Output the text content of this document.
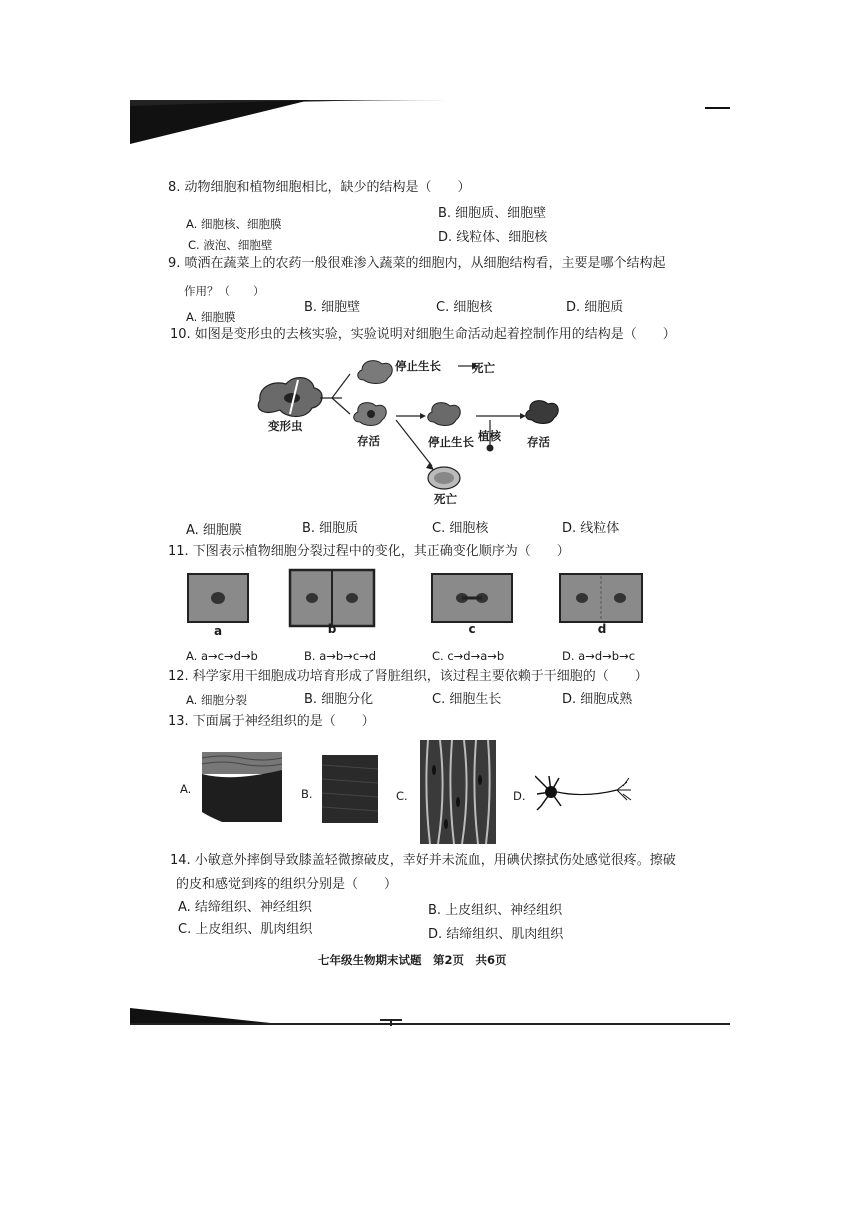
8. 动物细胞和植物细胞相比，缺少的结构是（　　）
A. 细胞核、细胞膜
B. 细胞质、细胞壁
C. 液泡、细胞壁	D. 线粒体、细胞核
9. 喷洒在蔬菜上的农药一般很难渗入蔬菜的细胞内，从细胞结构看，主要是哪个结构起
作用？（　　）
A. 细胞膜
B. 细胞壁	C. 细胞核	D. 细胞质
10. 如图是变形虫的去核实验，实验说明对细胞生命活动起着控制作用的结构是（　　）
停止生长	死亡
变形虫
存活	停止生长 植核 存活
死亡
A. 细胞膜	B. 细胞质	C. 细胞核	D. 线粒体
11. 下图表示植物细胞分裂过程中的变化，其正确变化顺序为（　　）
a	b	c	d
A. a→c→d→b	B. a→b→c→d	C. c→d→a→b	D. a→d→b→c
12. 科学家用干细胞成功培育形成了肾脏组织，该过程主要依赖于干细胞的（　　）
A. 细胞分裂	B. 细胞分化	C. 细胞生长	D. 细胞成熟
13. 下面属于神经组织的是（　　）
A.	B.	C.	D.
14. 小敏意外摔倒导致膝盖轻微擦破皮，幸好并未流血，用碘伏擦拭伤处感觉很疼。擦破
的皮和感觉到疼的组织分别是（　　）
A. 结缔组织、神经组织	B. 上皮组织、神经组织
C. 上皮组织、肌肉组织	D. 结缔组织、肌肉组织
七年级生物期末试题　第2页　共6页
